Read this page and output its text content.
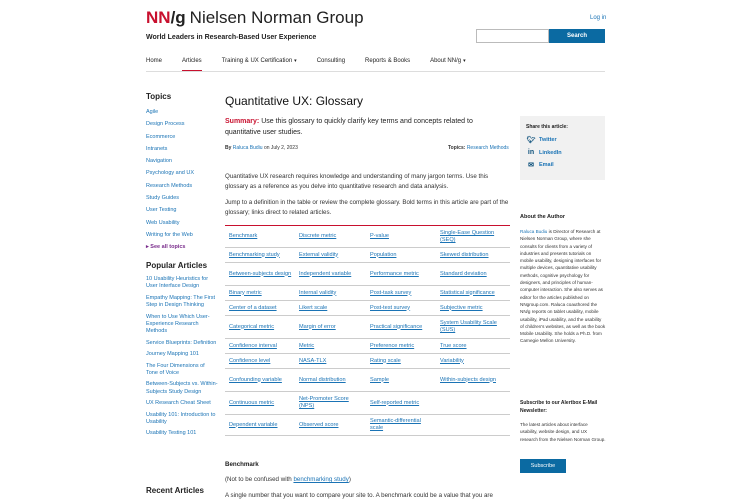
NN/g Nielsen Norman Group
World Leaders in Research-Based User Experience
Log in
Search
Home	Articles	Training & UX Certification ▾	Consulting	Reports & Books	About NN/g ▾
Topics
Agile
Design Process
Ecommerce
Intranets
Navigation
Psychology and UX
Research Methods
Study Guides
User Testing
Web Usability
Writing for the Web
▸ See all topics
Popular Articles
10 Usability Heuristics for User Interface Design
Empathy Mapping: The First Step in Design Thinking
When to Use Which User-Experience Research Methods
Service Blueprints: Definition
Journey Mapping 101
The Four Dimensions of Tone of Voice
Between-Subjects vs. Within-Subjects Study Design
UX Research Cheat Sheet
Usability 101: Introduction to Usability
Usability Testing 101
Recent Articles
Quantitative UX: Glossary
Summary: Use this glossary to quickly clarify key terms and concepts related to quantitative user studies.
By Raluca Budiu on July 2, 2023	Topics: Research Methods
Quantitative UX research requires knowledge and understanding of many jargon terms. Use this glossary as a reference as you delve into quantitative research and data analysis.
Jump to a definition in the table or review the complete glossary. Bold terms in this article are part of the glossary; links direct to related articles.
Benchmark	Discrete metric	P-value	Single-Ease Question (SEQ)
Benchmarking study	External validity	Population	Skewed distribution
Between-subjects design	Independent variable	Performance metric	Standard deviation
Binary metric	Internal validity	Post-task survey	Statistical significance
Center of a dataset	Likert scale	Post-test survey	Subjective metric
Categorical metric	Margin of error	Practical significance	System Usability Scale (SUS)
Confidence interval	Metric	Preference metric	True score
Confidence level	NASA-TLX	Rating scale	Variability
Confounding variable	Normal distribution	Sample	Within-subjects design
Continuous metric	Net-Promoter Score (NPS)	Self-reported metric	
Dependent variable	Observed score	Semantic-differential scale	
Benchmark
(Not to be confused with benchmarking study)
A single number that you want to compare your site to. A benchmark could be a value that you are
Share this article:
🐦︎ Twitter
in LinkedIn
✉ Email
About the Author
Raluca Budiu is Director of Research at Nielsen Norman Group, where she consults for clients from a variety of industries and presents tutorials on mobile usability, designing interfaces for multiple devices, quantitative usability methods, cognitive psychology for designers, and principles of human-computer interaction. She also serves as editor for the articles published on NNgroup.com. Raluca coauthored the NN/g reports on tablet usability, mobile usability, iPad usability, and the usability of children's websites, as well as the book Mobile Usability. She holds a Ph.D. from Carnegie Mellon University.
Subscribe to our Alertbox E-Mail Newsletter:
The latest articles about interface usability, website design, and UX research from the Nielsen Norman Group.
Subscribe
